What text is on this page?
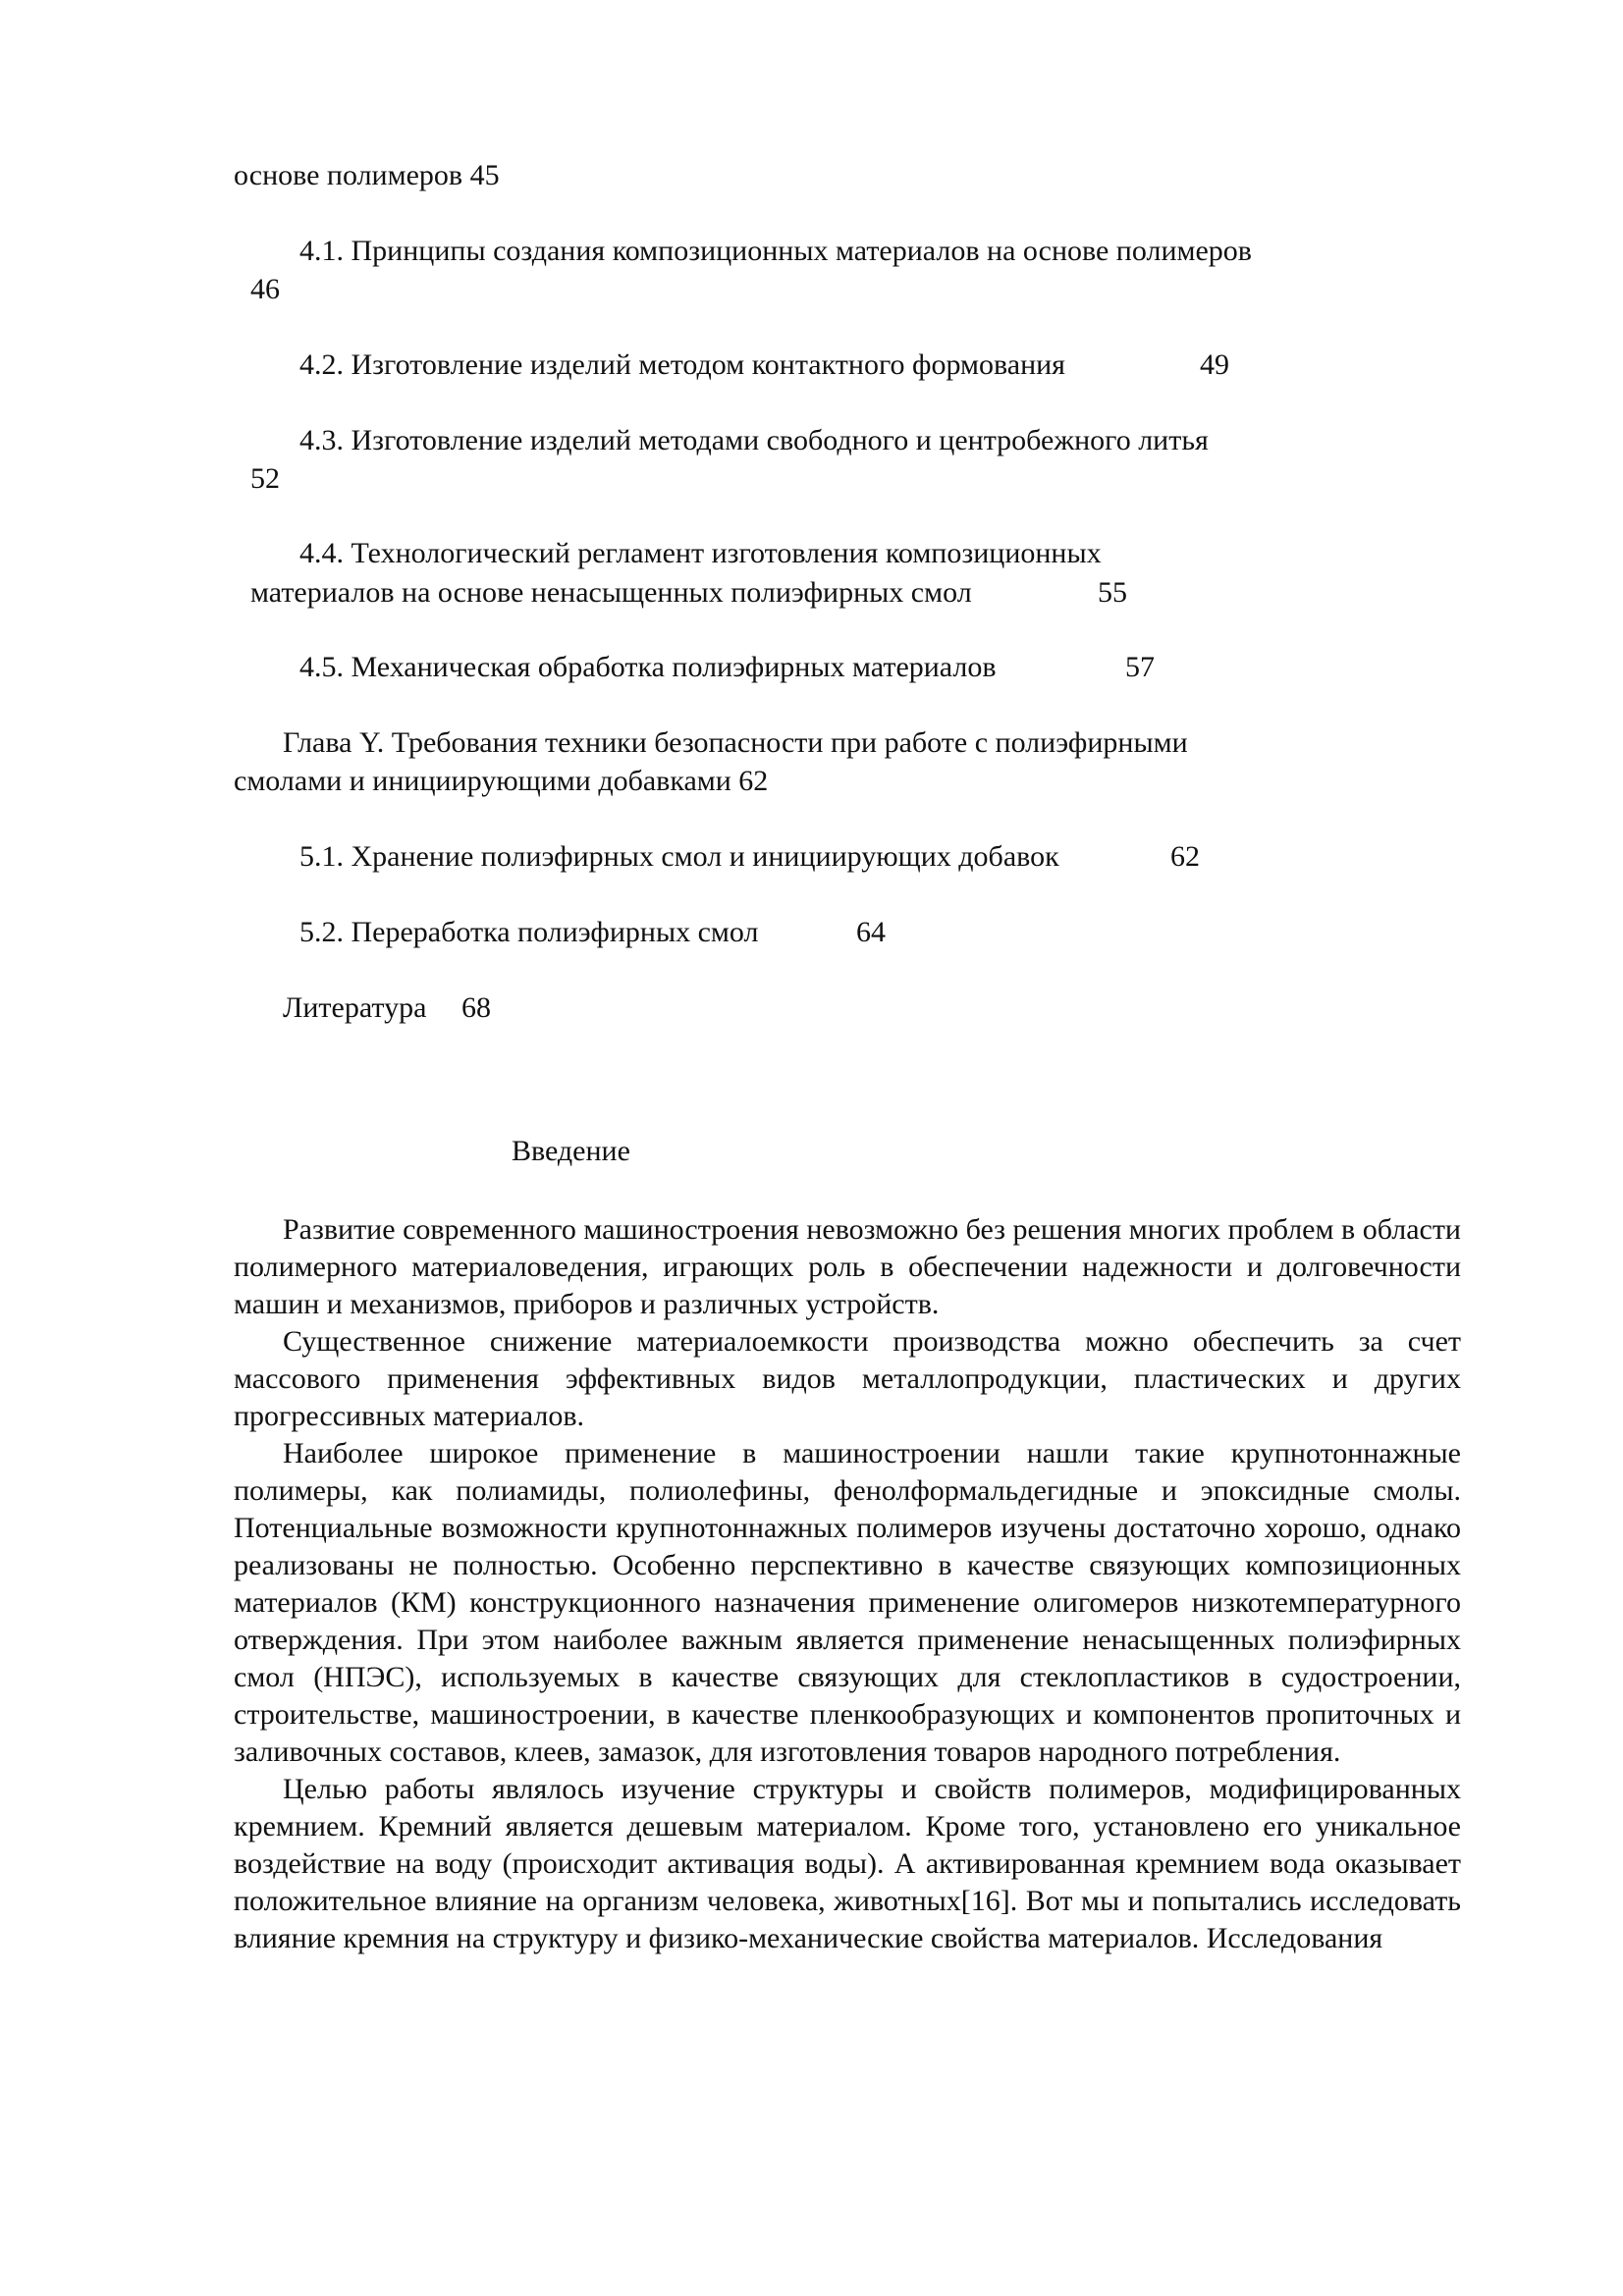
основе полимеров 45

4.1. Принципы создания композиционных материалов на основе полимеров

46

4.2. Изготовление изделий методом контактного формования	49

4.3. Изготовление изделий методами свободного и центробежного литья

52

4.4. Технологический регламент изготовления композиционных

материалов на основе ненасыщенных полиэфирных смол	55

4.5. Механическая обработка полиэфирных материалов	57

Глава Y. Требования техники безопасности при работе с полиэфирными

смолами и инициирующими добавками 62

5.1. Хранение полиэфирных смол и инициирующих добавок	62

5.2. Переработка полиэфирных смол	64

Литература 68

Введение

Развитие современного машиностроения невозможно без решения многих проблем в области полимерного материаловедения, играющих роль в обеспечении надежности и долговечности машин и механизмов, приборов и различных устройств.

Существенное снижение материалоемкости производства можно обеспечить за счет массового применения эффективных видов металлопродукции, пластических и других прогрессивных материалов.

Наиболее широкое применение в машиностроении нашли такие крупнотоннажные полимеры, как полиамиды, полиолефины, фенолформальдегидные и эпоксидные смолы. Потенциальные возможности крупнотоннажных полимеров изучены достаточно хорошо, однако реализованы не полностью. Особенно перспективно в качестве связующих композиционных материалов (КМ) конструкционного назначения применение олигомеров низкотемпературного отверждения. При этом наиболее важным является применение ненасыщенных полиэфирных смол (НПЭС), используемых в качестве связующих для стеклопластиков в судостроении, строительстве, машиностроении, в качестве пленкообразующих и компонентов пропиточных и заливочных составов, клеев, замазок, для изготовления товаров народного потребления.

Целью работы являлось изучение структуры и свойств полимеров, модифицированных кремнием. Кремний является дешевым материалом. Кроме того, установлено его уникальное воздействие на воду (происходит активация воды). А активированная кремнием вода оказывает положительное влияние на организм человека, животных[16]. Вот мы и попытались исследовать влияние кремния на структуру и физико-механические свойства материалов. Исследования
